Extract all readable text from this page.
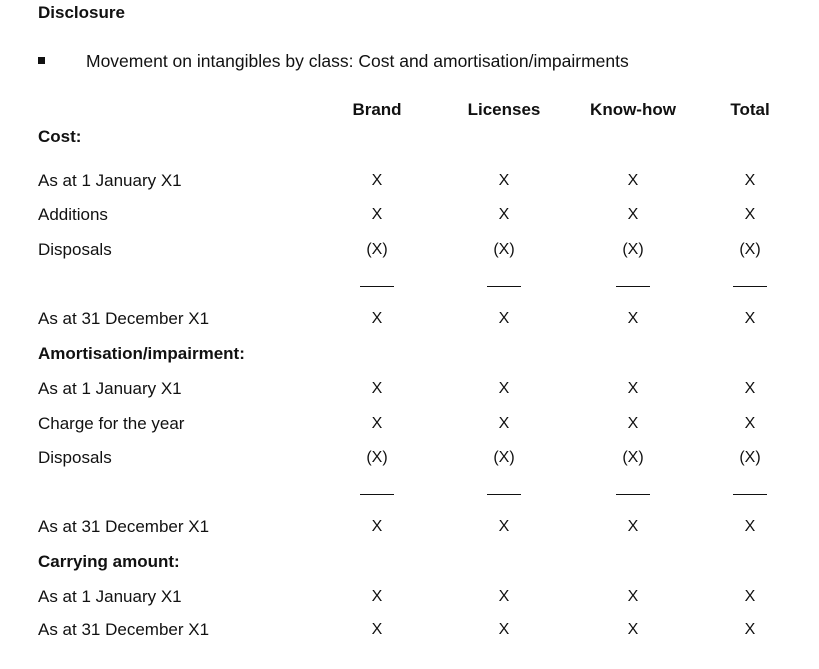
Disclosure
Movement on intangibles by class: Cost and amortisation/impairments
Brand	Licenses	Know-how	Total
Cost:
As at 1 January X1	X	X	X	X
Additions	X	X	X	X
Disposals	(X)	(X)	(X)	(X)
As at 31 December X1	X	X	X	X
Amortisation/impairment:
As at 1 January X1	X	X	X	X
Charge for the year	X	X	X	X
Disposals	(X)	(X)	(X)	(X)
As at 31 December X1	X	X	X	X
Carrying amount:
As at 1 January X1	X	X	X	X
As at 31 December X1	X	X	X	X
